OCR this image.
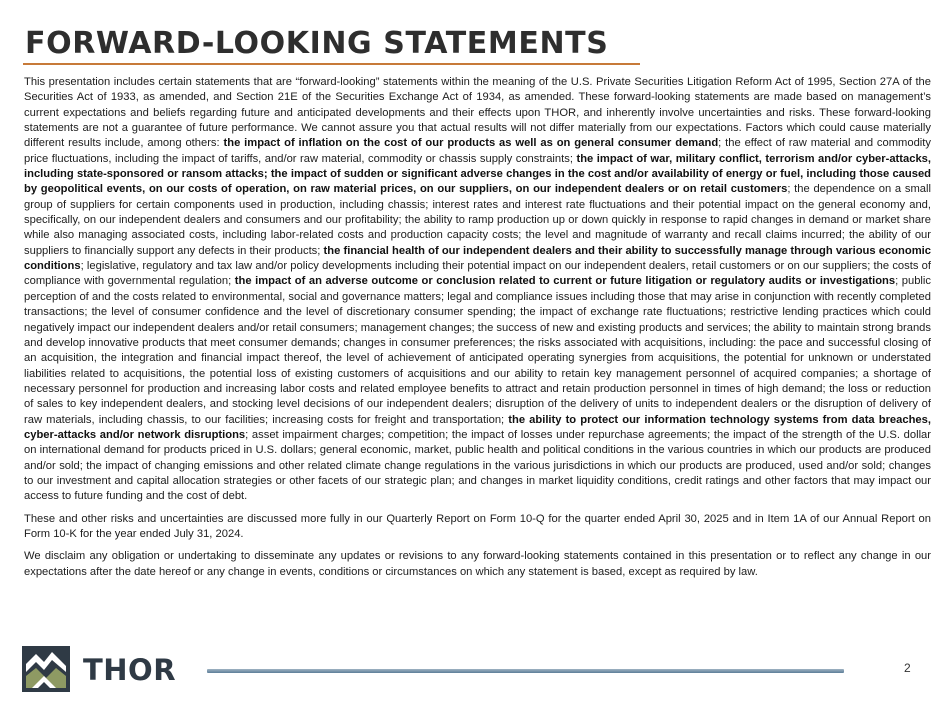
FORWARD-LOOKING STATEMENTS

This presentation includes certain statements that are “forward-looking” statements within the meaning of the U.S. Private Securities Litigation Reform Act of 1995, Section 27A of the Securities Act of 1933, as amended, and Section 21E of the Securities Exchange Act of 1934, as amended. These forward-looking statements are made based on management’s current expectations and beliefs regarding future and anticipated developments and their effects upon THOR, and inherently involve uncertainties and risks. These forward-looking statements are not a guarantee of future performance. We cannot assure you that actual results will not differ materially from our expectations. Factors which could cause materially different results include, among others: the impact of inflation on the cost of our products as well as on general consumer demand; the effect of raw material and commodity price fluctuations, including the impact of tariffs, and/or raw material, commodity or chassis supply constraints; the impact of war, military conflict, terrorism and/or cyber-attacks, including state-sponsored or ransom attacks; the impact of sudden or significant adverse changes in the cost and/or availability of energy or fuel, including those caused by geopolitical events, on our costs of operation, on raw material prices, on our suppliers, on our independent dealers or on retail customers; the dependence on a small group of suppliers for certain components used in production, including chassis; interest rates and interest rate fluctuations and their potential impact on the general economy and, specifically, on our independent dealers and consumers and our profitability; the ability to ramp production up or down quickly in response to rapid changes in demand or market share while also managing associated costs, including labor-related costs and production capacity costs; the level and magnitude of warranty and recall claims incurred; the ability of our suppliers to financially support any defects in their products; the financial health of our independent dealers and their ability to successfully manage through various economic conditions; legislative, regulatory and tax law and/or policy developments including their potential impact on our independent dealers, retail customers or on our suppliers; the costs of compliance with governmental regulation; the impact of an adverse outcome or conclusion related to current or future litigation or regulatory audits or investigations; public perception of and the costs related to environmental, social and governance matters; legal and compliance issues including those that may arise in conjunction with recently completed transactions; the level of consumer confidence and the level of discretionary consumer spending; the impact of exchange rate fluctuations; restrictive lending practices which could negatively impact our independent dealers and/or retail consumers; management changes; the success of new and existing products and services; the ability to maintain strong brands and develop innovative products that meet consumer demands; changes in consumer preferences; the risks associated with acquisitions, including: the pace and successful closing of an acquisition, the integration and financial impact thereof, the level of achievement of anticipated operating synergies from acquisitions, the potential for unknown or understated liabilities related to acquisitions, the potential loss of existing customers of acquisitions and our ability to retain key management personnel of acquired companies; a shortage of necessary personnel for production and increasing labor costs and related employee benefits to attract and retain production personnel in times of high demand; the loss or reduction of sales to key independent dealers, and stocking level decisions of our independent dealers; disruption of the delivery of units to independent dealers or the disruption of delivery of raw materials, including chassis, to our facilities; increasing costs for freight and transportation; the ability to protect our information technology systems from data breaches, cyber-attacks and/or network disruptions; asset impairment charges; competition; the impact of losses under repurchase agreements; the impact of the strength of the U.S. dollar on international demand for products priced in U.S. dollars; general economic, market, public health and political conditions in the various countries in which our products are produced and/or sold; the impact of changing emissions and other related climate change regulations in the various jurisdictions in which our products are produced, used and/or sold; changes to our investment and capital allocation strategies or other facets of our strategic plan; and changes in market liquidity conditions, credit ratings and other factors that may impact our access to future funding and the cost of debt.

These and other risks and uncertainties are discussed more fully in our Quarterly Report on Form 10-Q for the quarter ended April 30, 2025 and in Item 1A of our Annual Report on Form 10-K for the year ended July 31, 2024.

We disclaim any obligation or undertaking to disseminate any updates or revisions to any forward-looking statements contained in this presentation or to reflect any change in our expectations after the date hereof or any change in events, conditions or circumstances on which any statement is based, except as required by law.

THOR	2
